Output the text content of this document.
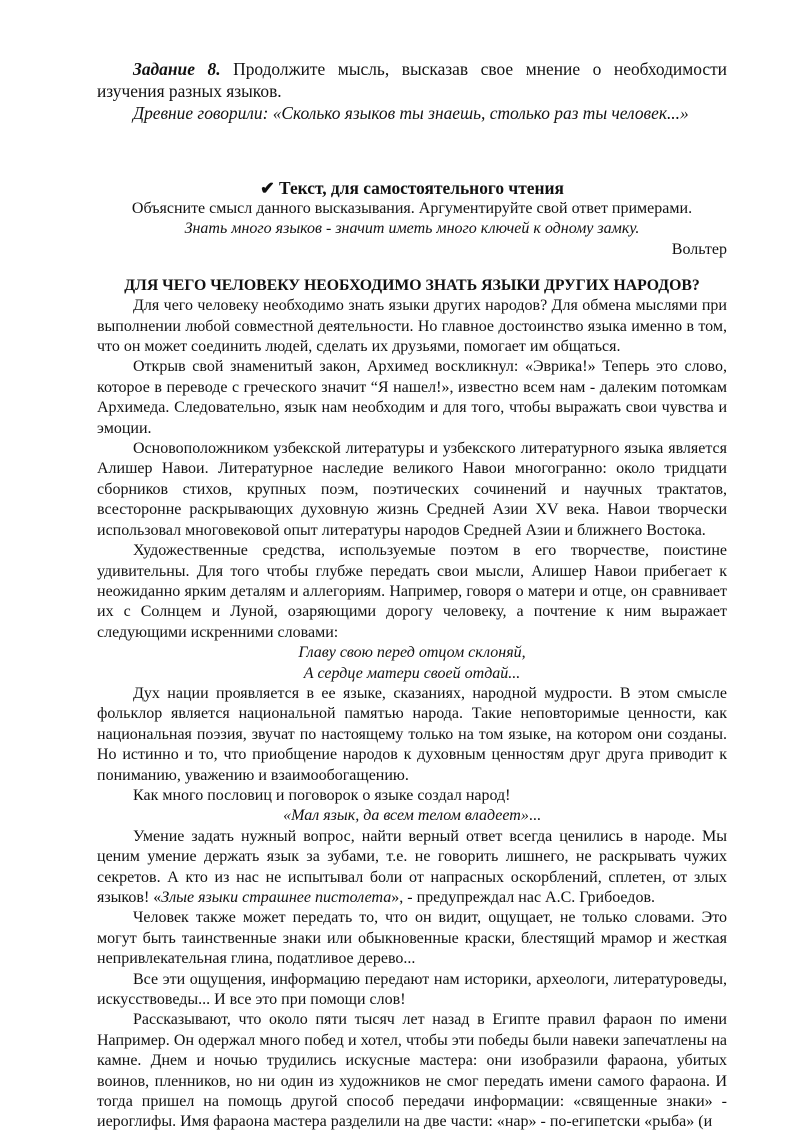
Задание 8. Продолжите мысль, высказав свое мнение о необходимости изучения разных языков.

Древние говорили: «Сколько языков ты знаешь, столько раз ты человек...»

✔ Текст, для самостоятельного чтения

Объясните смысл данного высказывания. Аргументируйте свой ответ примерами.

Знать много языков - значит иметь много ключей к одному замку.

Вольтер

ДЛЯ ЧЕГО ЧЕЛОВЕКУ НЕОБХОДИМО ЗНАТЬ ЯЗЫКИ ДРУГИХ НАРОДОВ?

Для чего человеку необходимо знать языки других народов? Для обмена мыслями при выполнении любой совместной деятельности. Но главное достоинство языка именно в том, что он может соединить людей, сделать их друзьями, помогает им общаться.

Открыв свой знаменитый закон, Архимед воскликнул: «Эврика!» Теперь это слово, которое в переводе с греческого значит “Я нашел!», известно всем нам - далеким потомкам Архимеда. Следовательно, язык нам необходим и для того, чтобы выражать свои чувства и эмоции.

Основоположником узбекской литературы и узбекского литературного языка является Алишер Навои. Литературное наследие великого Навои многогранно: около тридцати сборников стихов, крупных поэм, поэтических сочинений и научных трактатов, всесторонне раскрывающих духовную жизнь Средней Азии XV века. Навои творчески использовал многовековой опыт литературы народов Средней Азии и ближнего Востока.

Художественные средства, используемые поэтом в его творчестве, поистине удивительны. Для того чтобы глубже передать свои мысли, Алишер Навои прибегает к неожиданно ярким деталям и аллегориям. Например, говоря о матери и отце, он сравнивает их с Солнцем и Луной, озаряющими дорогу человеку, а почтение к ним выражает следующими искренними словами:

Главу свою перед отцом склоняй,

А сердце матери своей отдай...

Дух нации проявляется в ее языке, сказаниях, народной мудрости. В этом смысле фольклор является национальной памятью народа. Такие неповторимые ценности, как национальная поэзия, звучат по настоящему только на том языке, на котором они созданы. Но истинно и то, что приобщение народов к духовным ценностям друг друга приводит к пониманию, уважению и взаимообогащению.

Как много пословиц и поговорок о языке создал народ!

«Мал язык, да всем телом владеет»...

Умение задать нужный вопрос, найти верный ответ всегда ценились в народе. Мы ценим умение держать язык за зубами, т.е. не говорить лишнего, не раскрывать чужих секретов. А кто из нас не испытывал боли от напрасных оскорблений, сплетен, от злых языков! «Злые языки страшнее пистолета», - предупреждал нас А.С. Грибоедов.

Человек также может передать то, что он видит, ощущает, не только словами. Это могут быть таинственные знаки или обыкновенные краски, блестящий мрамор и жесткая непривлекательная глина, податливое дерево...

Все эти ощущения, информацию передают нам историки, археологи, литературоведы, искусствоведы... И все это при помощи слов!

Рассказывают, что около пяти тысяч лет назад в Египте правил фараон по имени Например. Он одержал много побед и хотел, чтобы эти победы были навеки запечатлены на камне. Днем и ночью трудились искусные мастера: они изобразили фараона, убитых воинов, пленников, но ни один из художников не смог передать имени самого фараона. И тогда пришел на помощь другой способ передачи информации: «священные знаки» - иероглифы. Имя фараона мастера разделили на две части: «нар» - по-египетски «рыба» (и
